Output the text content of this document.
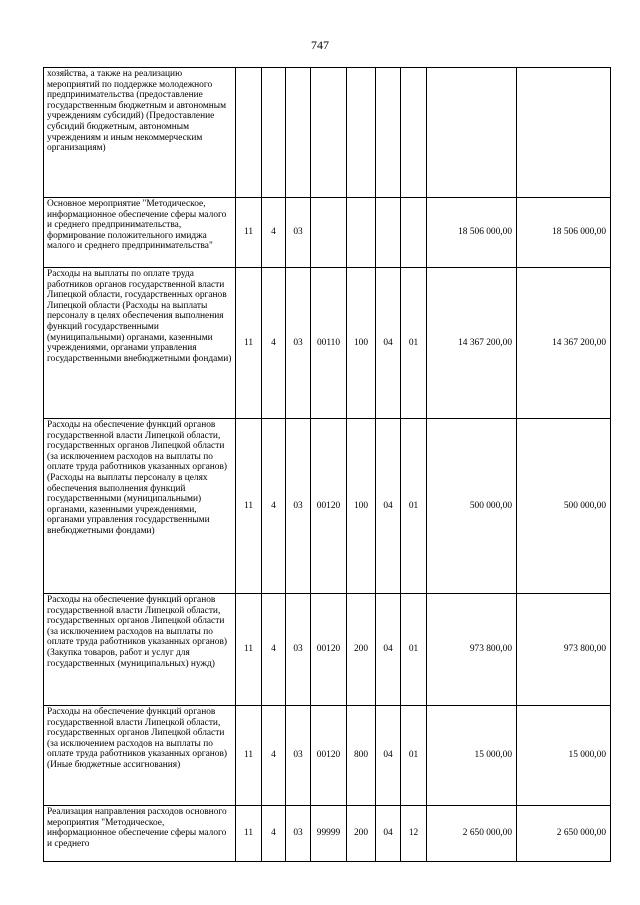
747
хозяйства, а также на реализацию мероприятий по поддержке молодежного предпринимательства (предоставление государственным бюджетным и автономным учреждениям субсидий) (Предоставление субсидий бюджетным, автономным учреждениям и иным некоммерческим организациям)									
Основное мероприятие "Методическое, информационное обеспечение сферы малого и среднего предпринимательства, формирование положительного имиджа малого и среднего предпринимательства"	11	4	03					18 506 000,00	18 506 000,00
Расходы на выплаты по оплате труда работников органов государственной власти Липецкой области, государственных органов Липецкой области (Расходы на выплаты персоналу в целях обеспечения выполнения функций государственными (муниципальными) органами, казенными учреждениями, органами управления государственными внебюджетными фондами)	11	4	03	00110	100	04	01	14 367 200,00	14 367 200,00
Расходы на обеспечение функций органов государственной власти Липецкой области, государственных органов Липецкой области (за исключением расходов на выплаты по оплате труда работников указанных органов) (Расходы на выплаты персоналу в целях обеспечения выполнения функций государственными (муниципальными) органами, казенными учреждениями, органами управления государственными внебюджетными фондами)	11	4	03	00120	100	04	01	500 000,00	500 000,00
Расходы на обеспечение функций органов государственной власти Липецкой области, государственных органов Липецкой области (за исключением расходов на выплаты по оплате труда работников указанных органов) (Закупка товаров, работ и услуг для государственных (муниципальных) нужд)	11	4	03	00120	200	04	01	973 800,00	973 800,00
Расходы на обеспечение функций органов государственной власти Липецкой области, государственных органов Липецкой области (за исключением расходов на выплаты по оплате труда работников указанных органов) (Иные бюджетные ассигнования)	11	4	03	00120	800	04	01	15 000,00	15 000,00
Реализация направления расходов основного мероприятия "Методическое, информационное обеспечение сферы малого и среднего	11	4	03	99999	200	04	12	2 650 000,00	2 650 000,00
